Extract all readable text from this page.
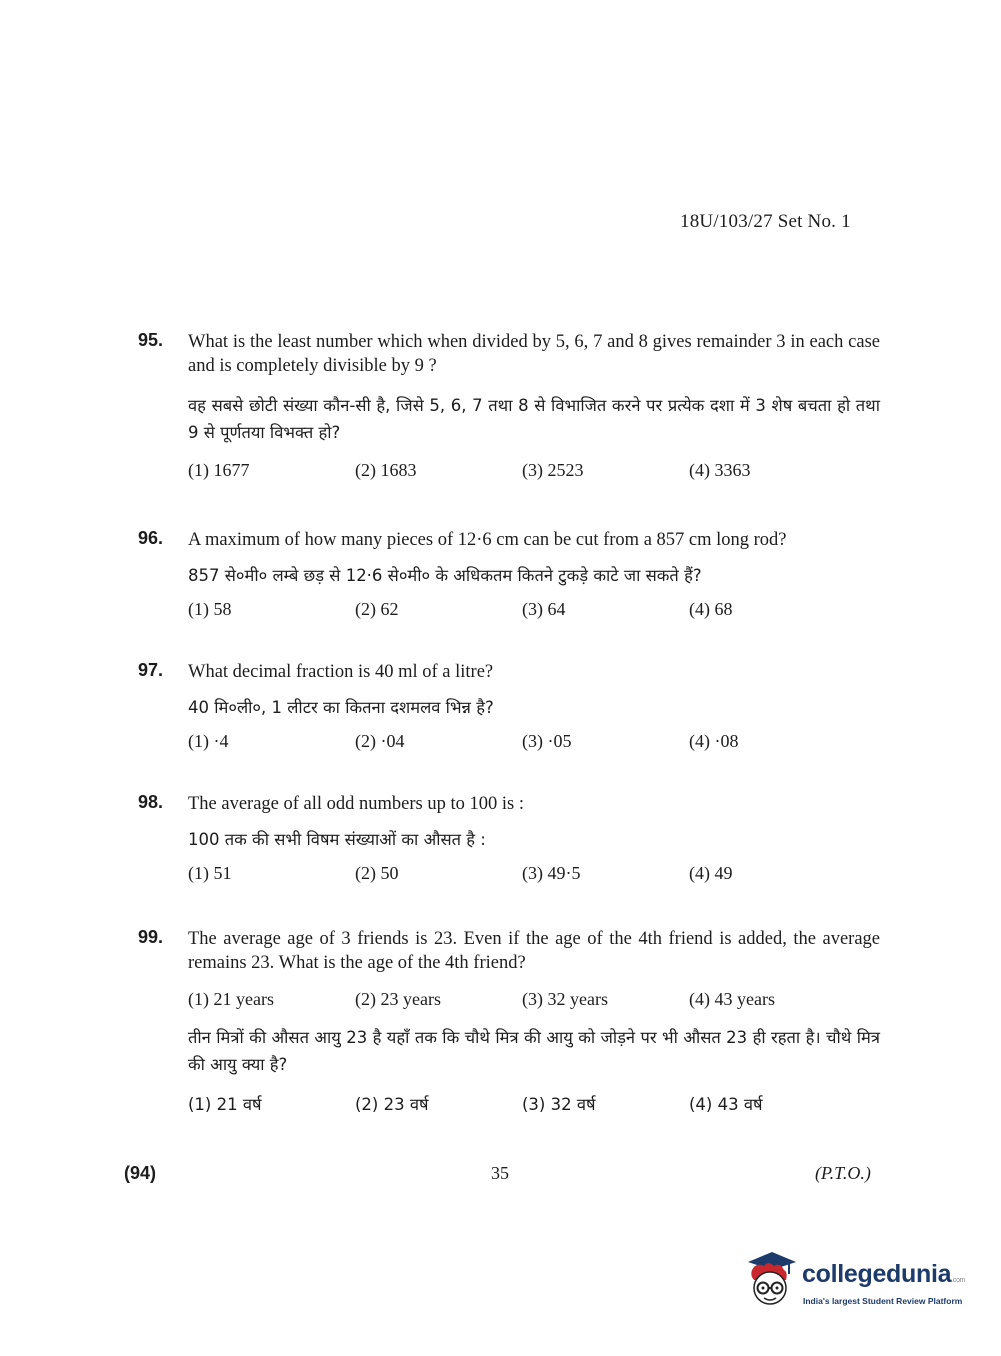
18U/103/27 Set No. 1
95. What is the least number which when divided by 5, 6, 7 and 8 gives remainder 3 in each case and is completely divisible by 9 ?
वह सबसे छोटी संख्या कौन-सी है, जिसे 5, 6, 7 तथा 8 से विभाजित करने पर प्रत्येक दशा में 3 शेष बचता हो तथा 9 से पूर्णतया विभक्त हो?
(1) 1677	(2) 1683	(3) 2523	(4) 3363
96. A maximum of how many pieces of 12·6 cm can be cut from a 857 cm long rod?
857 से०मी० लम्बे छड़ से 12·6 से०मी० के अधिकतम कितने टुकड़े काटे जा सकते हैं?
(1) 58	(2) 62	(3) 64	(4) 68
97. What decimal fraction is 40 ml of a litre?
40 मि०ली०, 1 लीटर का कितना दशमलव भिन्न है?
(1) ·4	(2) ·04	(3) ·05	(4) ·08
98. The average of all odd numbers up to 100 is :
100 तक की सभी विषम संख्याओं का औसत है :
(1) 51	(2) 50	(3) 49·5	(4) 49
99. The average age of 3 friends is 23. Even if the age of the 4th friend is added, the average remains 23. What is the age of the 4th friend?
(1) 21 years	(2) 23 years	(3) 32 years	(4) 43 years
तीन मित्रों की औसत आयु 23 है यहाँ तक कि चौथे मित्र की आयु को जोड़ने पर भी औसत 23 ही रहता है। चौथे मित्र की आयु क्या है?
(1) 21 वर्ष	(2) 23 वर्ष	(3) 32 वर्ष	(4) 43 वर्ष
(94)	35	(P.T.O.)
collegedunia.com
India's largest Student Review Platform
